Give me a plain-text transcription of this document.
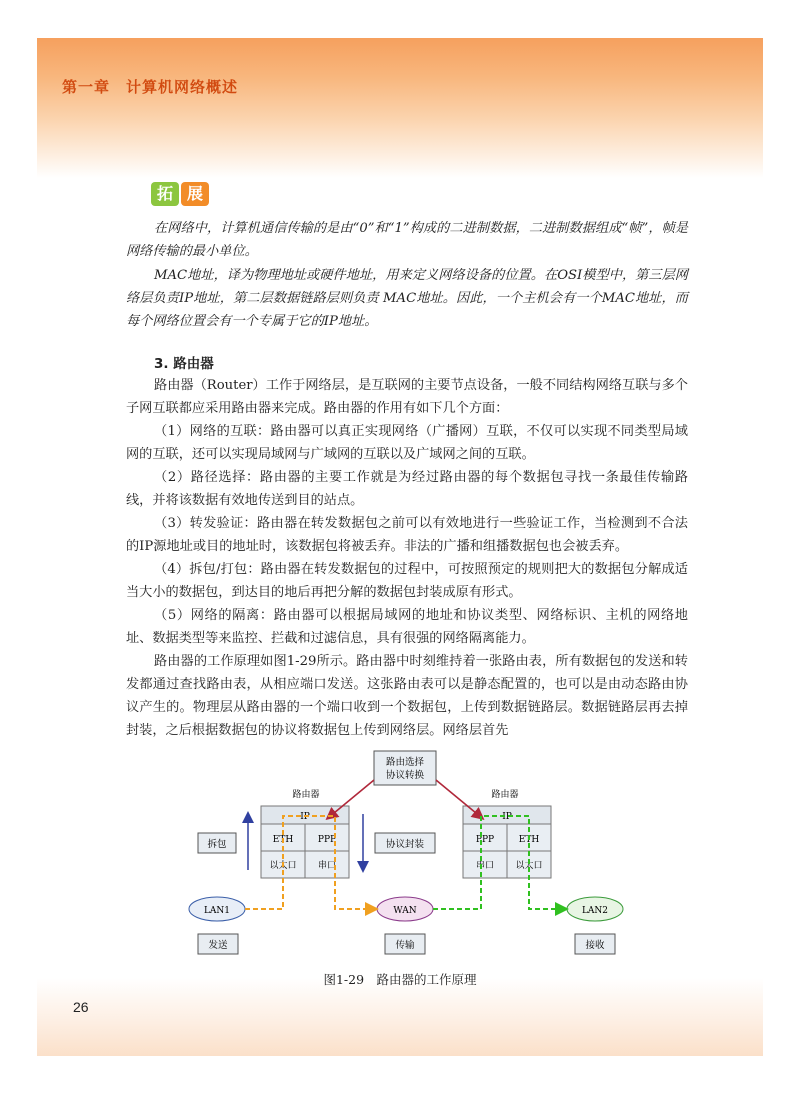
第一章　计算机网络概述
拓 展

在网络中，计算机通信传输的是由“0”和“1”构成的二进制数据，二进制数据组成“帧”，帧是网络传输的最小单位。

MAC地址，译为物理地址或硬件地址，用来定义网络设备的位置。在OSI模型中，第三层网络层负责IP地址，第二层数据链路层则负责 MAC地址。因此，一个主机会有一个MAC地址，而每个网络位置会有一个专属于它的IP地址。

3. 路由器

路由器（Router）工作于网络层，是互联网的主要节点设备，一般不同结构网络互联与多个子网互联都应采用路由器来完成。路由器的作用有如下几个方面：

（1）网络的互联：路由器可以真正实现网络（广播网）互联，不仅可以实现不同类型局域网的互联，还可以实现局域网与广域网的互联以及广域网之间的互联。

（2）路径选择：路由器的主要工作就是为经过路由器的每个数据包寻找一条最佳传输路线，并将该数据有效地传送到目的站点。

（3）转发验证：路由器在转发数据包之前可以有效地进行一些验证工作，当检测到不合法的IP源地址或目的地址时，该数据包将被丢弃。非法的广播和组播数据包也会被丢弃。

（4）拆包/打包：路由器在转发数据包的过程中，可按照预定的规则把大的数据包分解成适当大小的数据包，到达目的地后再把分解的数据包封装成原有形式。

（5）网络的隔离：路由器可以根据局域网的地址和协议类型、网络标识、主机的网络地址、数据类型等来监控、拦截和过滤信息，具有很强的网络隔离能力。

路由器的工作原理如图1-29所示。路由器中时刻维持着一张路由表，所有数据包的发送和转发都通过查找路由表，从相应端口发送。这张路由表可以是静态配置的，也可以是由动态路由协议产生的。物理层从路由器的一个端口收到一个数据包，上传到数据链路层。数据链路层再去掉封装，之后根据数据包的协议将数据包上传到网络层。网络层首先

路由选择
协议转换
路由器	路由器
IP
ETH	PPP
以太口 串口
IP
PPP	ETH
串口 以太口
拆包	协议封装
LAN1	WAN	LAN2
发送	传输	接收
图1-29　路由器的工作原理
26
